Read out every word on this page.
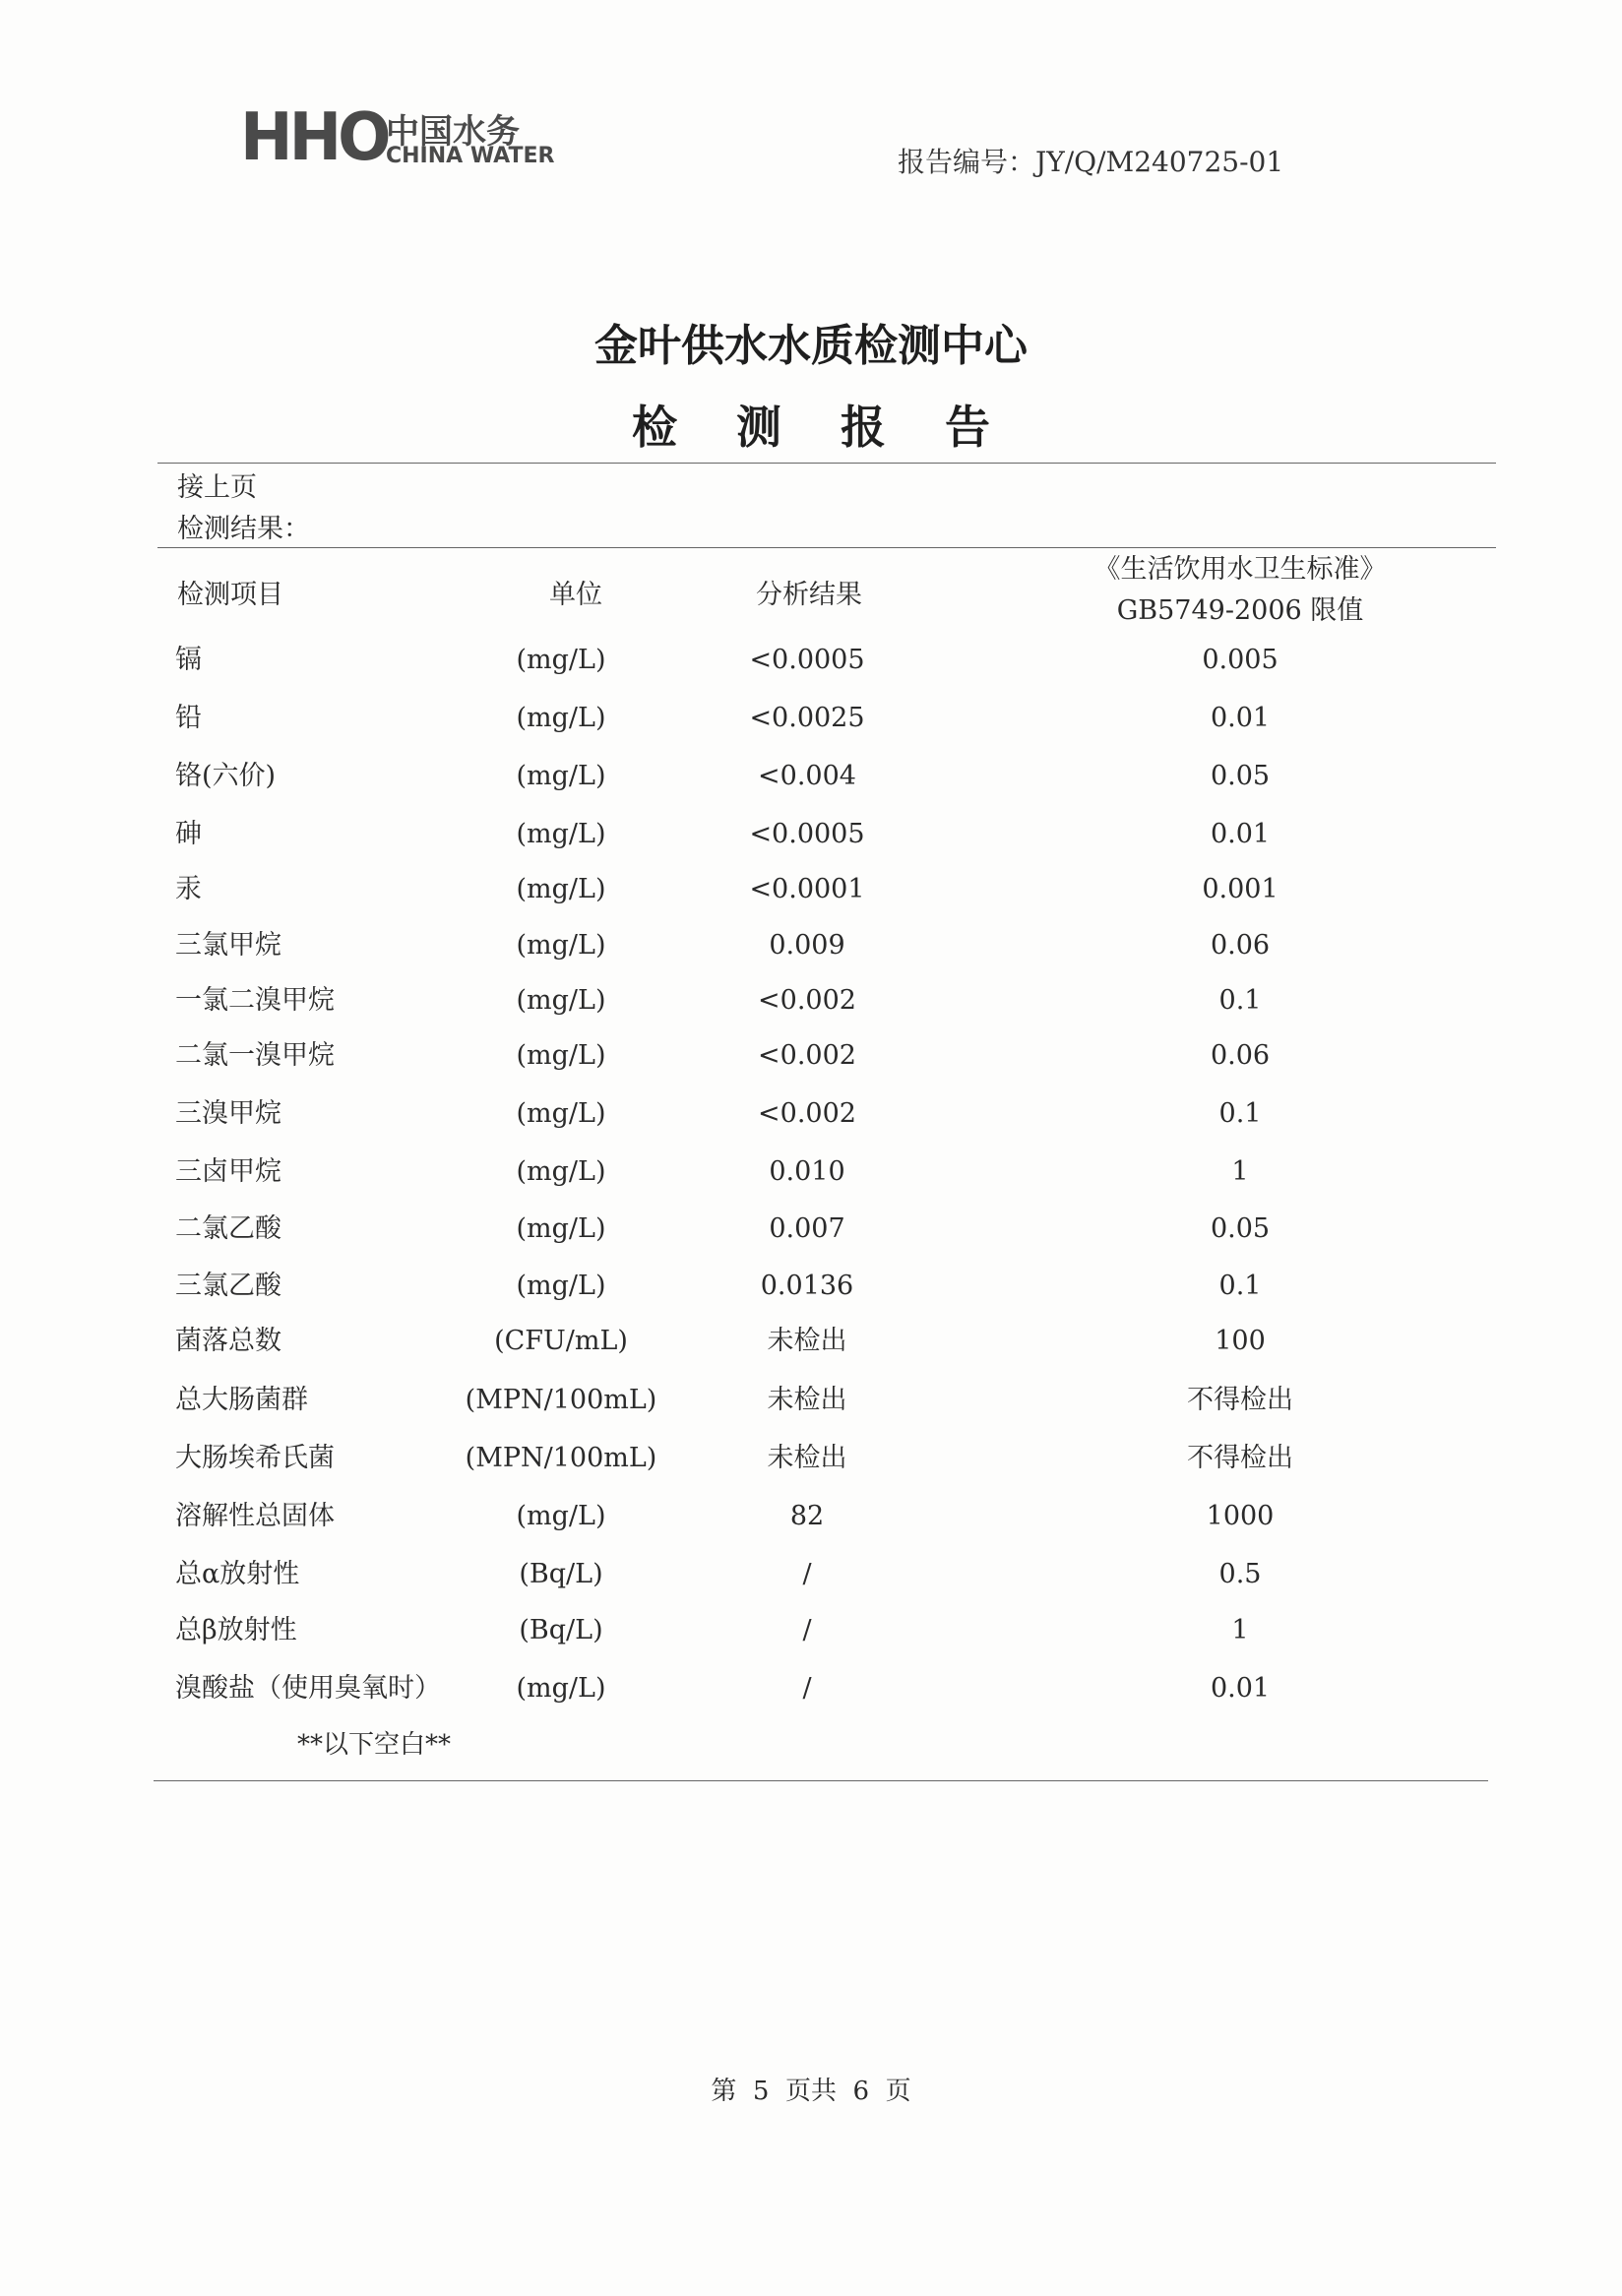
HHO
中国水务
CHINA WATER	报告编号：JY/Q/M240725-01
金叶供水水质检测中心
检 测 报 告
接上页
检测结果：
检测项目	单位	分析结果
《生活饮用水卫生标准》
GB5749-2006 限值
镉	(mg/L)	<0.0005	0.005
铅	(mg/L)	<0.0025	0.01
铬(六价)	(mg/L)	<0.004	0.05
砷	(mg/L)	<0.0005	0.01
汞	(mg/L)	<0.0001	0.001
三氯甲烷	(mg/L)	0.009	0.06
一氯二溴甲烷	(mg/L)	<0.002	0.1
二氯一溴甲烷	(mg/L)	<0.002	0.06
三溴甲烷	(mg/L)	<0.002	0.1
三卤甲烷	(mg/L)	0.010	1
二氯乙酸	(mg/L)	0.007	0.05
三氯乙酸	(mg/L)	0.0136	0.1
菌落总数	(CFU/mL)	未检出	100
总大肠菌群	(MPN/100mL)	未检出	不得检出
大肠埃希氏菌	(MPN/100mL)	未检出	不得检出
溶解性总固体	(mg/L)	82	1000
总α放射性	(Bq/L)	/	0.5
总β放射性	(Bq/L)	/	1
溴酸盐（使用臭氧时）	(mg/L)	/	0.01
**以下空白**
第  5  页共  6  页
